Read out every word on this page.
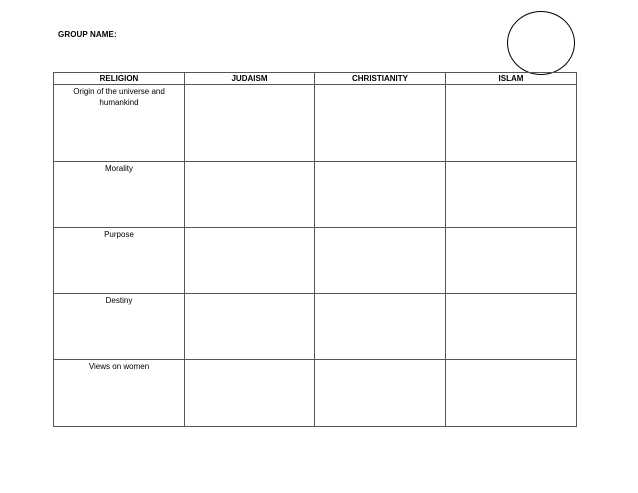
GROUP NAME:
RELIGION	JUDAISM	CHRISTIANITY	ISLAM
Origin of the universe and humankind			
Morality			
Purpose			
Destiny			
Views on women			
